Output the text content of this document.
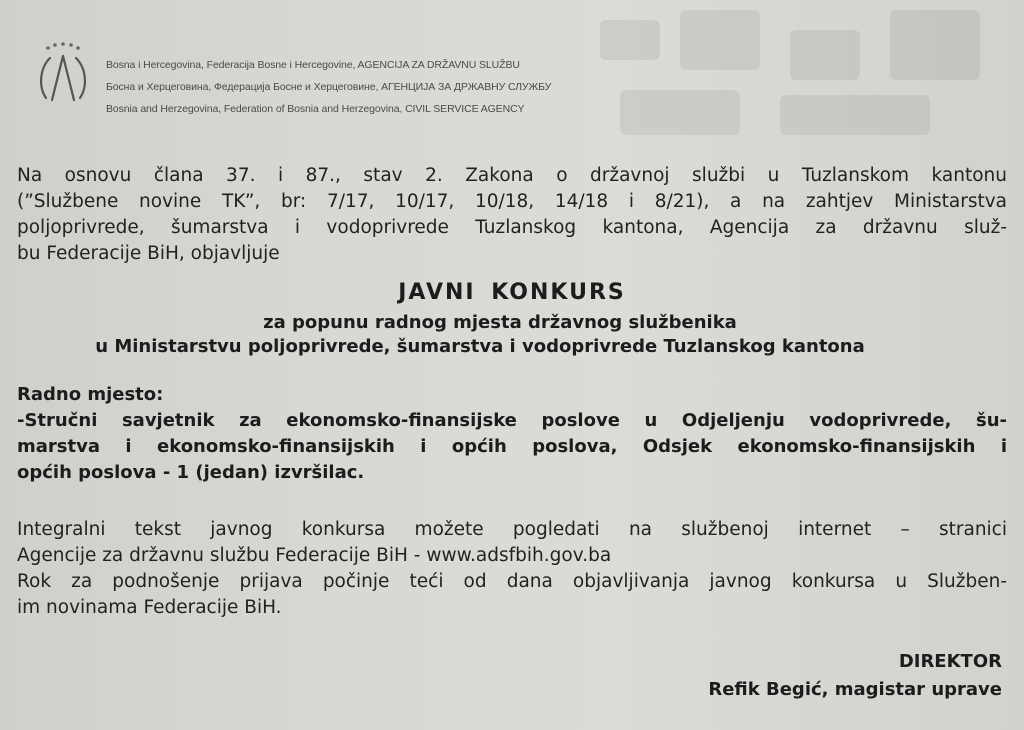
Bosna i Hercegovina, Federacija Bosne i Hercegovine, AGENCIJA ZA DRŽAVNU SLUŽBU
Босна и Херцеговина, Федерација Босне и Херцеговине, АГЕНЦИЈА ЗА ДРЖАВНУ СЛУЖБУ
Bosnia and Herzegovina, Federation of Bosnia and Herzegovina, CIVIL SERVICE AGENCY
Na osnovu člana 37. i 87., stav 2. Zakona o državnoj službi u Tuzlanskom kantonu
(”Službene novine TK”, br: 7/17, 10/17, 10/18, 14/18 i 8/21), a na zahtjev Ministarstva
poljoprivrede, šumarstva i vodoprivrede Tuzlanskog kantona, Agencija za državnu služ-
bu Federacije BiH, objavljuje
JAVNI KONKURS
za popunu radnog mjesta državnog službenika
u Ministarstvu poljoprivrede, šumarstva i vodoprivrede Tuzlanskog kantona
Radno mjesto:
-Stručni savjetnik za ekonomsko-finansijske poslove u Odjeljenju vodoprivrede, šu-
marstva i ekonomsko-finansijskih i općih poslova, Odsjek ekonomsko-finansijskih i
općih poslova - 1 (jedan) izvršilac.
Integralni tekst javnog konkursa možete pogledati na službenoj internet – stranici
Agencije za državnu službu Federacije BiH - www.adsfbih.gov.ba
Rok za podnošenje prijava počinje teći od dana objavljivanja javnog konkursa u Služben-
im novinama Federacije BiH.
DIREKTOR
Refik Begić, magistar uprave
